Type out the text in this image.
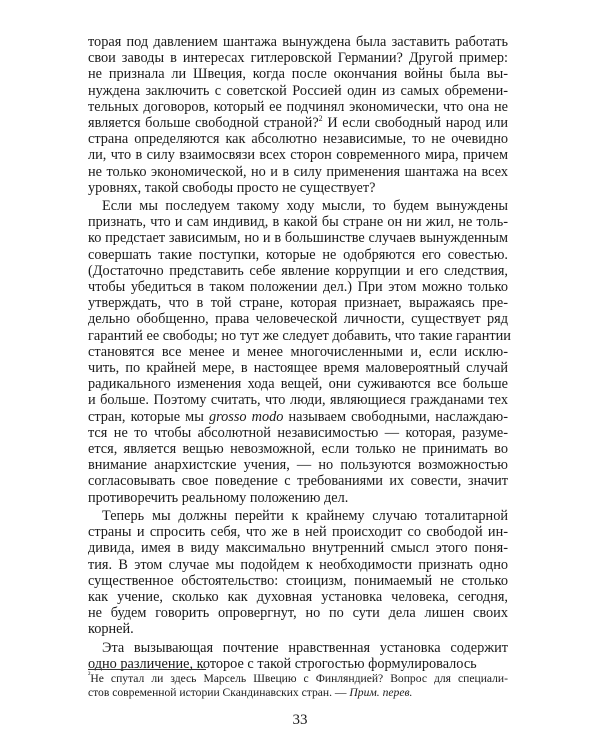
торая под давлением шантажа вынуждена была заставить работать
свои заводы в интересах гитлеровской Германии? Другой пример:
не признала ли Швеция, когда после окончания войны была вы-
нуждена заключить с советской Россией один из самых обремени-
тельных договоров, который ее подчинял экономически, что она не
является больше свободной страной?$^2$ И если свободный народ или
страна определяются как абсолютно независимые, то не очевидно
ли, что в силу взаимосвязи всех сторон современного мира, причем
не только экономической, но и в силу применения шантажа на всех
уровнях, такой свободы просто не существует?
Если мы последуем такому ходу мысли, то будем вынуждены
признать, что и сам индивид, в какой бы стране он ни жил, не толь-
ко предстает зависимым, но и в большинстве случаев вынужденным
совершать такие поступки, которые не одобряются его совестью.
(Достаточно представить себе явление коррупции и его следствия,
чтобы убедиться в таком положении дел.) При этом можно только
утверждать, что в той стране, которая признает, выражаясь пре-
дельно обобщенно, права человеческой личности, существует ряд
гарантий ее свободы; но тут же следует добавить, что такие гарантии
становятся все менее и менее многочисленными и, если исклю-
чить, по крайней мере, в настоящее время маловероятный случай
радикального изменения хода вещей, они суживаются все больше
и больше. Поэтому считать, что люди, являющиеся гражданами тех
стран, которые мы grosso modo называем свободными, наслаждаю-
тся не то чтобы абсолютной независимостью — которая, разуме-
ется, является вещью невозможной, если только не принимать во
внимание анархистские учения, — но пользуются возможностью
согласовывать свое поведение с требованиями их совести, значит
противоречить реальному положению дел.
Теперь мы должны перейти к крайнему случаю тоталитарной
страны и спросить себя, что же в ней происходит со свободой ин-
дивида, имея в виду максимально внутренний смысл этого поня-
тия. В этом случае мы подойдем к необходимости признать одно
существенное обстоятельство: стоицизм, понимаемый не столько
как учение, сколько как духовная установка человека, сегодня,
не будем говорить опровергнут, но по сути дела лишен своих
корней.
Эта вызывающая почтение нравственная установка содержит
одно различение, которое с такой строгостью формулировалось
$^{^2}$Не спутал ли здесь Марсель Швецию с Финляндией? Вопрос для специали-
стов современной истории Скандинавских стран. — Прим. перев.
33
